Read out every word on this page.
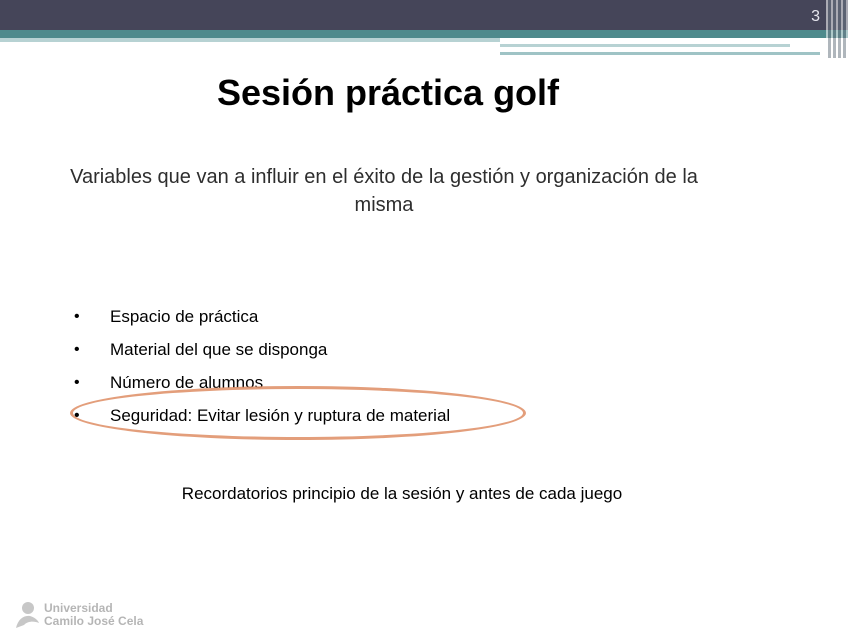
3
Sesión práctica golf
Variables que van a influir en el éxito de la gestión y organización de la misma
•	Espacio de práctica
•	Material del que se disponga
•	Número de alumnos
•	Seguridad: Evitar lesión y ruptura de material
Recordatorios principio de la sesión y antes de cada juego
Universidad
Camilo José Cela
